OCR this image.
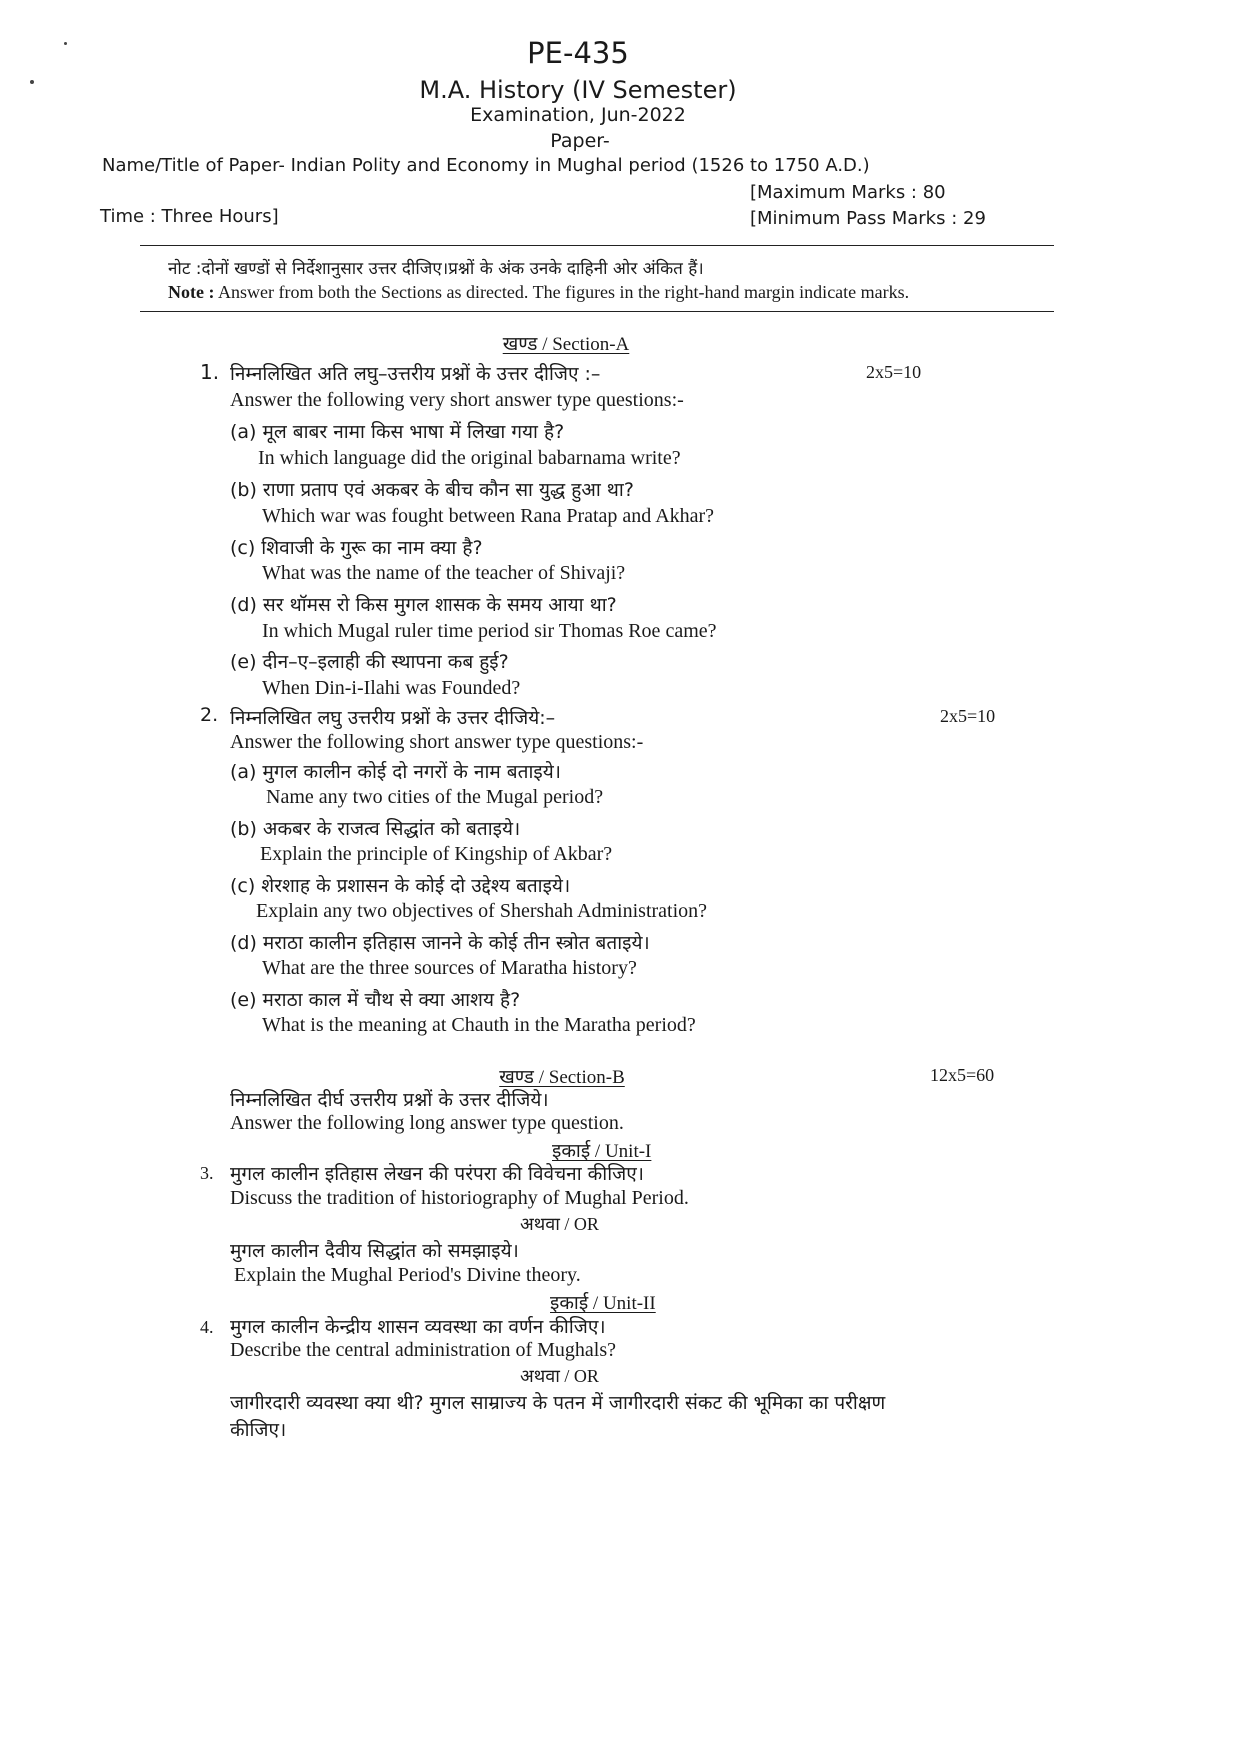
PE-435
M.A. History (IV Semester)
Examination, Jun-2022
Paper-
Name/Title of Paper- Indian Polity and Economy in Mughal period (1526 to 1750 A.D.)
[Maximum Marks : 80
Time : Three Hours]	[Minimum Pass Marks : 29
नोट :दोनों खण्डों से निर्देशानुसार उत्तर दीजिए।प्रश्नों के अंक उनके दाहिनी ओर अंकित हैं।
Note : Answer from both the Sections as directed. The figures in the right-hand margin indicate marks.
खण्ड / Section-A
1. निम्नलिखित अति लघु–उत्तरीय प्रश्नों के उत्तर दीजिए :–	2x5=10
Answer the following very short answer type questions:-
(a) मूल बाबर नामा किस भाषा में लिखा गया है?
In which language did the original babarnama write?
(b) राणा प्रताप एवं अकबर के बीच कौन सा युद्ध हुआ था?
Which war was fought between Rana Pratap and Akhar?
(c) शिवाजी के गुरू का नाम क्या है?
What was the name of the teacher of Shivaji?
(d) सर थॉमस रो किस मुगल शासक के समय आया था?
In which Mugal ruler time period sir Thomas Roe came?
(e) दीन–ए–इलाही की स्थापना कब हुई?
When Din-i-Ilahi was Founded?
2. निम्नलिखित लघु उत्तरीय प्रश्नों के उत्तर दीजिये:–	2x5=10
Answer the following short answer type questions:-
(a) मुगल कालीन कोई दो नगरों के नाम बताइये।
Name any two cities of the Mugal period?
(b) अकबर के राजत्व सिद्धांत को बताइये।
Explain the principle of Kingship of Akbar?
(c) शेरशाह के प्रशासन के कोई दो उद्देश्य बताइये।
Explain any two objectives of Shershah Administration?
(d) मराठा कालीन इतिहास जानने के कोई तीन स्त्रोत बताइये।
What are the three sources of Maratha history?
(e) मराठा काल में चौथ से क्या आशय है?
What is the meaning at Chauth in the Maratha period?
खण्ड / Section-B	12x5=60
निम्नलिखित दीर्घ उत्तरीय प्रश्नों के उत्तर दीजिये।
Answer the following long answer type question.
इकाई / Unit-I
3. मुगल कालीन इतिहास लेखन की परंपरा की विवेचना कीजिए।
Discuss the tradition of historiography of Mughal Period.
अथवा / OR
मुगल कालीन दैवीय सिद्धांत को समझाइये।
Explain the Mughal Period's Divine theory.
इकाई / Unit-II
4. मुगल कालीन केन्द्रीय शासन व्यवस्था का वर्णन कीजिए।
Describe the central administration of Mughals?
अथवा / OR
जागीरदारी व्यवस्था क्या थी? मुगल साम्राज्य के पतन में जागीरदारी संकट की भूमिका का परीक्षण
कीजिए।
